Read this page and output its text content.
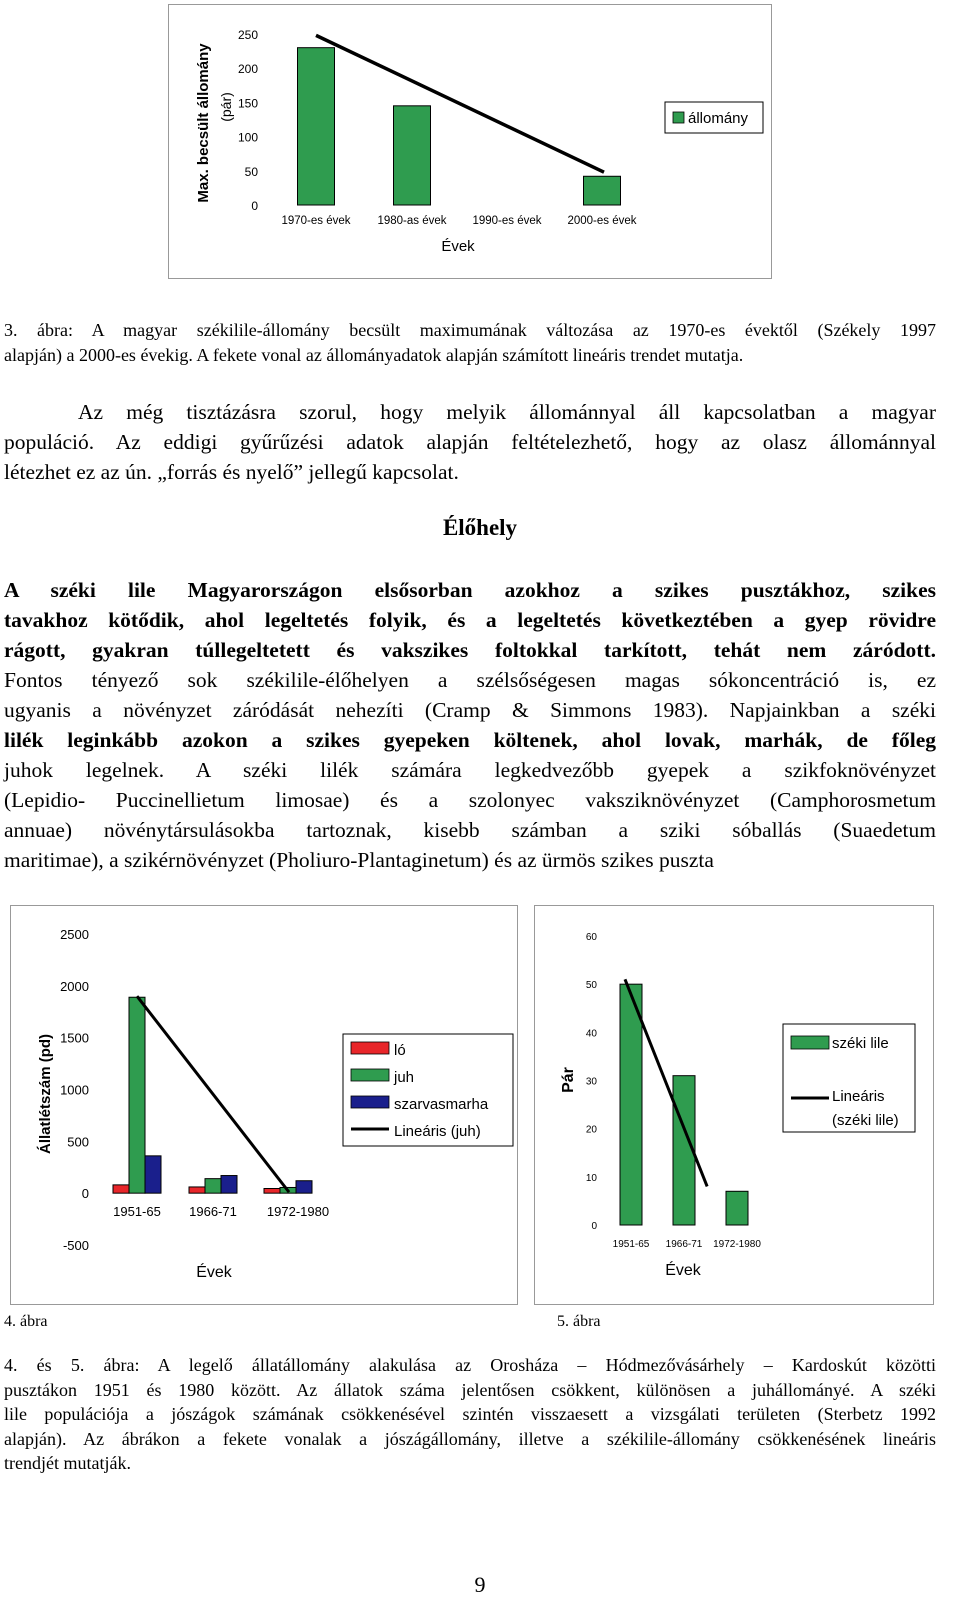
Max. becsült állomány (pár)
250
200
150
100
50
0
1970-es évek 1980-as évek 1990-es évek 2000-es évek
Évek
állomány
3. ábra: A magyar székilile-állomány becsült maximumának változása az 1970-es évektől (Székely 1997
alapján) a 2000-es évekig. A fekete vonal az állományadatok alapján számított lineáris trendet mutatja.
Az még tisztázásra szorul, hogy melyik állománnyal áll kapcsolatban a magyar
populáció. Az eddigi gyűrűzési adatok alapján feltételezhető, hogy az olasz állománnyal
létezhet ez az ún. „forrás és nyelő” jellegű kapcsolat.
Élőhely
A széki lile Magyarországon elsősorban azokhoz a szikes pusztákhoz, szikes
tavakhoz kötődik, ahol legeltetés folyik, és a legeltetés következtében a gyep rövidre
rágott, gyakran túllegeltetett és vakszikes foltokkal tarkított, tehát nem záródott.
Fontos tényező sok székilile-élőhelyen a szélsőségesen magas sókoncentráció is, ez
ugyanis a növényzet záródását nehezíti (Cramp & Simmons 1983). Napjainkban a széki
lilék leginkább azokon a szikes gyepeken költenek, ahol lovak, marhák, de főleg
juhok legelnek. A széki lilék számára legkedvezőbb gyepek a szikfoknövényzet
(Lepidio- Puccinellietum limosae) és a szolonyec vaksziknövényzet (Camphorosmetum
annuae) növénytársulásokba tartoznak, kisebb számban a sziki sóballás (Suaedetum
maritimae), a szikérnövényzet (Pholiuro-Plantaginetum) és az ürmös szikes puszta
Állatlétszám (pd)
2500
2000
1500
1000
500
0
-500
1951-65 1966-71 1972-1980
Évek
ló
juh
szarvasmarha
Lineáris (juh)
4. ábra
Pár
60
50
40
30
20
10
0
1951-65 1966-71 1972-1980
Évek
széki lile
Lineáris
(széki lile)
5. ábra
4. és 5. ábra: A legelő állatállomány alakulása az Orosháza – Hódmezővásárhely – Kardoskút közötti
pusztákon 1951 és 1980 között. Az állatok száma jelentősen csökkent, különösen a juhállományé. A széki
lile populációja a jószágok számának csökkenésével szintén visszaesett a vizsgálati területen (Sterbetz 1992
alapján). Az ábrákon a fekete vonalak a jószágállomány, illetve a székilile-állomány csökkenésének lineáris
trendjét mutatják.
9
